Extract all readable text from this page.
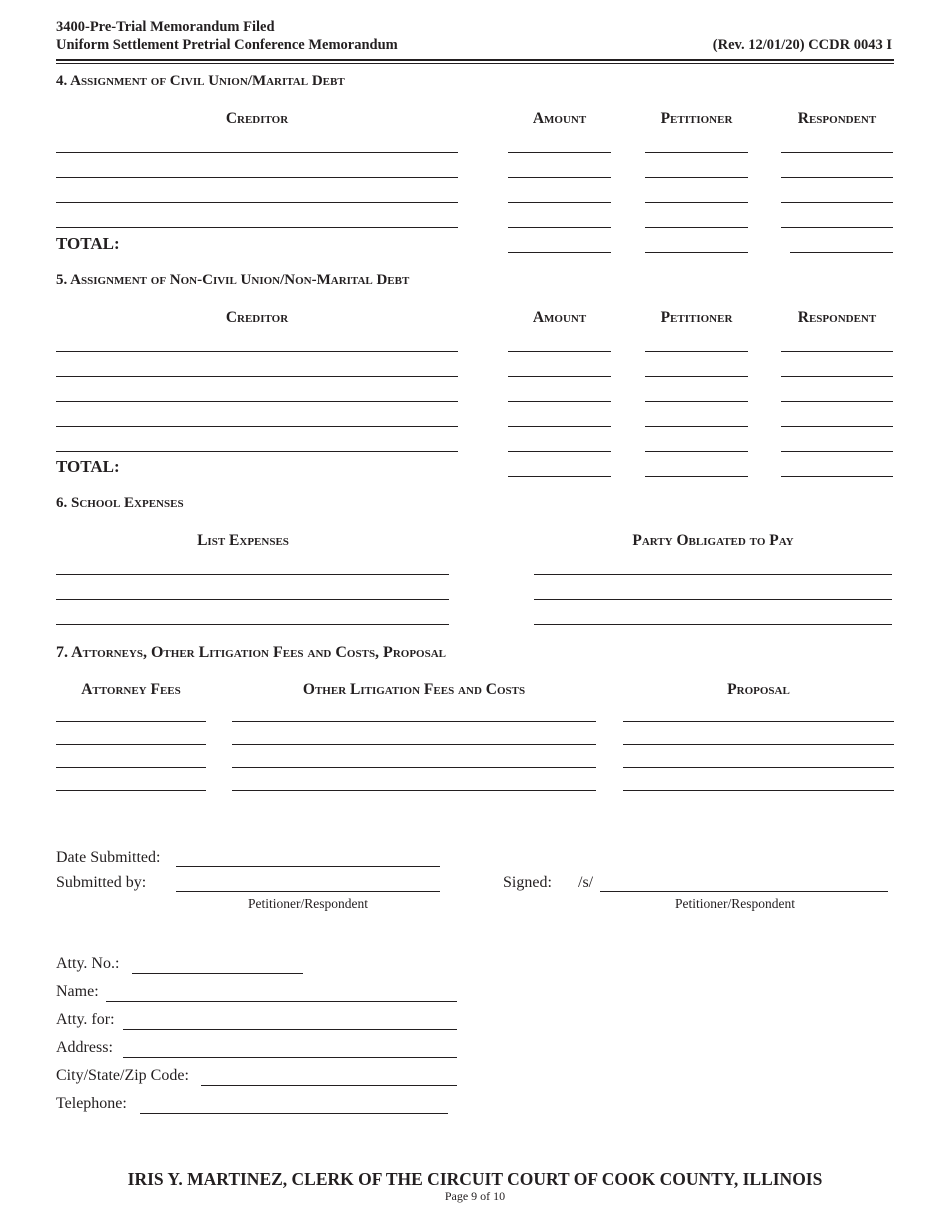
3400-Pre-Trial Memorandum Filed
Uniform Settlement Pretrial Conference Memorandum	(Rev. 12/01/20) CCDR 0043 I
4. Assignment of Civil Union/Marital Debt
Creditor	Amount	Petitioner	Respondent
TOTAL:
5. Assignment of Non-Civil Union/Non-Marital Debt
Creditor	Amount	Petitioner	Respondent
TOTAL:
6. School Expenses
List Expenses	Party Obligated to Pay
7. Attorneys, Other Litigation Fees and Costs, Proposal
Attorney Fees	Other Litigation Fees and Costs	Proposal
Date Submitted:
Submitted by:
Petitioner/Respondent
Signed: /s/
Petitioner/Respondent
Atty. No.:
Name:
Atty. for:
Address:
City/State/Zip Code:
Telephone:
IRIS Y. MARTINEZ, CLERK OF THE CIRCUIT COURT OF COOK COUNTY, ILLINOIS
Page 9 of 10
